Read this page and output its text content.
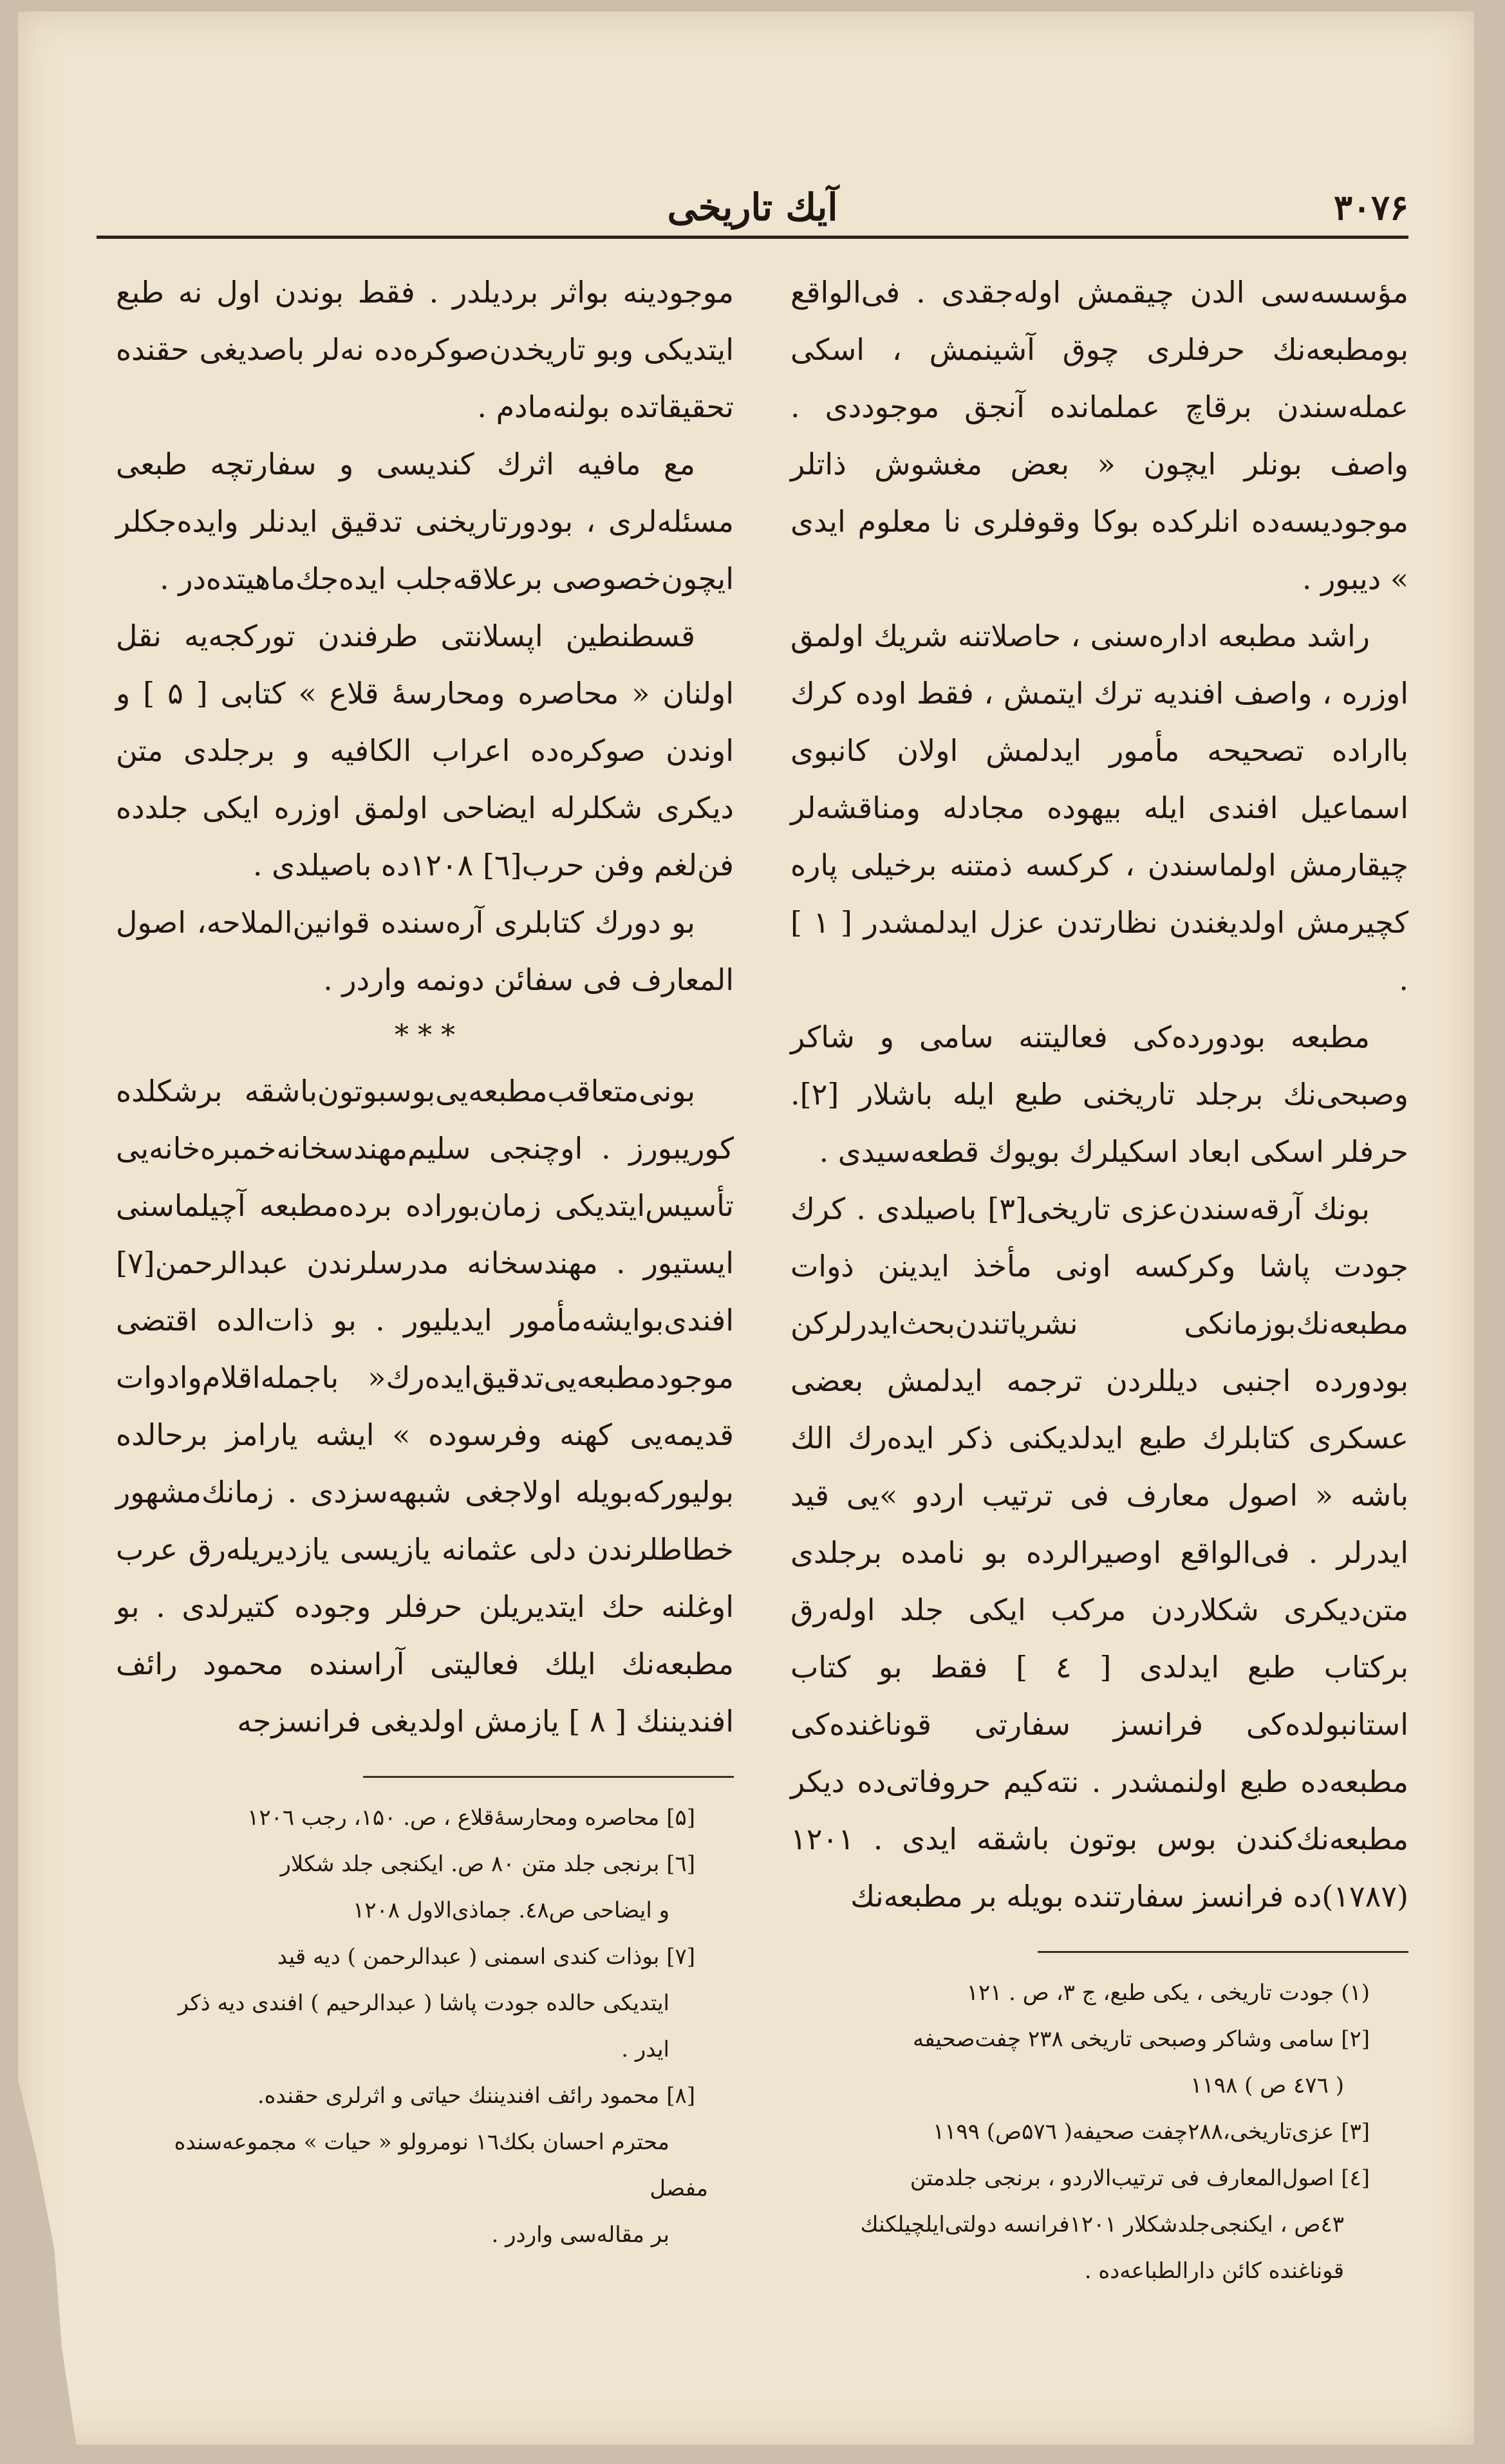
۳۰۷۶
آيك تاريخى

مؤسسه‌سى الدن چيقمش اوله‌جقدى . فى‌الواقع بومطبعه‌نك حرفلرى چوق آشينمش ، اسكى عمله‌سندن برقاچ عملمانده آنجق موجوددى . واصف بونلر ايچون « بعض مغشوش ذاتلر موجوديسه‌ده انلركده بوكا وقوفلرى نا معلوم ايدى » ديبور .

راشد مطبعه اداره‌سنى ، حاصلاتنه شريك اولمق اوزره ، واصف افنديه ترك ايتمش ، فقط اوده كرك بااراده تصحيحه مأمور ايدلمش اولان كانبوى اسماعيل افندى ايله بيهوده مجادله ومناقشه‌لر چيقارمش اولماسندن ، كركسه ذمتنه برخيلى پاره كچيرمش اولديغندن نظارتدن عزل ايدلمشدر [ ۱ ] .

مطبعه بودورده‌كى فعاليتنه سامى و شاكر وصبحى‌نك برجلد تاريخنى طبع ايله باشلار [۲]. حرفلر اسكى ابعاد اسكيلرك بويوك قطعه‌سيدى .

بونك آرقه‌سندن‌عزى تاريخى[۳] باصيلدى . كرك جودت پاشا وكركسه اونى مأخذ ايدينن ذوات مطبعه‌نك‌بوزمانكى نشرياتندن‌بحث‌ايدرلركن بودورده اجنبى ديللردن ترجمه ايدلمش بعضى عسكرى كتابلرك طبع ايدلديكنى ذكر ايدەرك الك باشه « اصول معارف فى ترتيب اردو »يى قيد ايدرلر . فى‌الواقع اوصيرالرده بو نامده برجلدى متن‌ديكرى شكلاردن مركب ايكى جلد اولەرق بركتاب طبع ايدلدى [ ٤ ] فقط بو كتاب استانبولده‌كى فرانسز سفارتى قوناغنده‌كى مطبعه‌ده طبع اولنمشدر . نته‌كيم حروفاتى‌ده ديكر مطبعه‌نك‌كندن بوس بوتون باشقه ايدى . ۱۲۰۱ (۱۷۸۷)ده فرانسز سفارتنده بويله بر مطبعه‌نك

(۱) جودت تاريخى ، يكى طبع، ج ۳، ص . ۱۲۱

[۲] سامى وشاكر وصبحى تاريخى ۲۳۸ چفت‌صحيفه

( ٤٧٦ ص ) ۱۱۹۸

[۳] عزى‌تاريخى،۲۸۸چفت صحيفه( ۵۷٦ص) ۱۱۹۹

[٤] اصول‌المعارف فى ترتيب‌الاردو ، برنجى جلدمتن

٤٣ص ، ايكنجى‌جلدشكلار ۱۲۰۱فرانسه دولتى‌ايلچيلكنك

قوناغنده كائن دارالطباعه‌ده .

موجودينه بواثر برديلدر . فقط بوندن اول نه طبع ايتديكى وبو تاريخدن‌صوكره‌ده نه‌لر باصديغى حقنده تحقيقاتده بولنه‌مادم .

مع مافيه اثرك كنديسى و سفارتچه طبعى مسئله‌لرى ، بودورتاريخنى تدقيق ايدنلر وايده‌جكلر ايچون‌خصوصى برعلاقه‌جلب ايده‌جك‌ماهيتده‌در .

قسطنطين اپسلانتى طرفندن توركجه‌يه نقل اولنان « محاصره ومحارسهٔ قلاع » كتابى [ ۵ ] و اوندن صوكره‌ده اعراب الكافيه و برجلدى متن ديكرى شكلرله ايضاحى اولمق اوزره ايكى جلدده فن‌لغم وفن حرب[٦] ۱۲۰۸ده باصيلدى .

بو دورك كتابلرى آره‌سنده قوانين‌الملاحه، اصول المعارف فى سفائن دونمه واردر .

* * *

بونى‌متعاقب‌مطبعه‌يى‌بوسبوتون‌باشقه برشكلده كوريبورز . اوچنجى سليم‌مهندسخانه‌خمبره‌خانه‌يى تأسيس‌ايتديكى زمان‌بوراده برده‌مطبعه آچيلماسنى ايستيور . مهندسخانه مدرسلرندن عبدالرحمن[۷] افندى‌بوايشه‌مأمور ايديليور . بو ذات‌الده اقتضى موجودمطبعه‌يى‌تدقيق‌ايده‌رك« باجمله‌اقلام‌وادوات قديمه‌يى كهنه وفرسوده » ايشه يارامز برحالده بوليوركه‌بويله اولاجغى شبهه‌سزدى . زمانك‌مشهور خطاطلرندن دلى عثمانه يازيسى يازديريله‌رق عرب اوغلنه حك ايتديريلن حرفلر وجوده كتيرلدى . بو مطبعه‌نك ايلك فعاليتى آراسنده محمود رائف افنديننك [ ۸ ] يازمش اولديغى فرانسزجه

[۵] محاصره ومحارسهٔ‌قلاع ، ص. ۱۵۰، رجب ۱۲۰٦

[٦] برنجى جلد متن ۸۰ ص. ايكنجى جلد شكلار

و ايضاحى ص٤٨. جماذى‌الاول ۱۲۰۸

[۷] بوذات كندى اسمنى ( عبدالرحمن ) ديه قيد

ايتديكى حالده جودت پاشا ( عبدالرحيم ) افندى ديه ذكر

ايدر .

[۸] محمود رائف افنديننك حياتى و اثرلرى حقنده.

محترم احسان بكك۱٦ نومرولو « حيات » مجموعه‌سنده مفصل

بر مقاله‌سى واردر .
